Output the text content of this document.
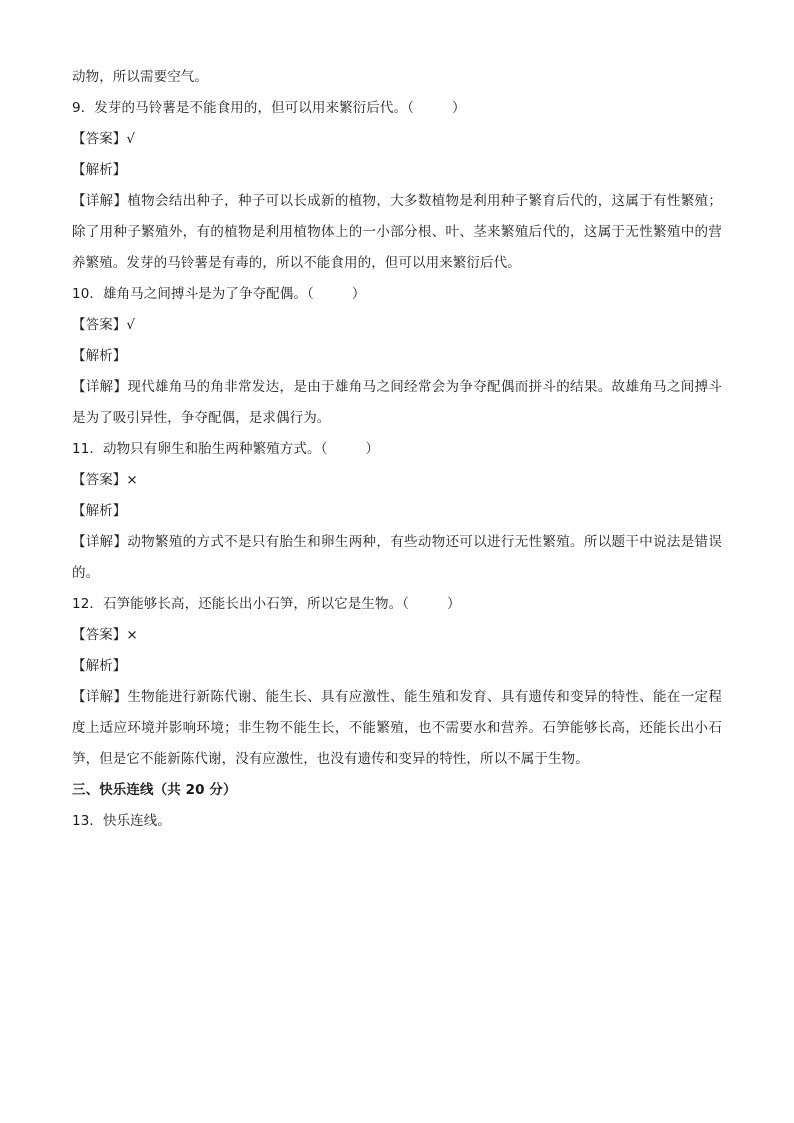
动物，所以需要空气。
9．发芽的马铃薯是不能食用的，但可以用来繁衍后代。（	）
【答案】√
【解析】
【详解】植物会结出种子，种子可以长成新的植物，大多数植物是利用种子繁育后代的，这属于有性繁殖；除了用种子繁殖外，有的植物是利用植物体上的一小部分根、叶、茎来繁殖后代的，这属于无性繁殖中的营养繁殖。发芽的马铃薯是有毒的，所以不能食用的，但可以用来繁衍后代。
10．雄角马之间搏斗是为了争夺配偶。（	）
【答案】√
【解析】
【详解】现代雄角马的角非常发达，是由于雄角马之间经常会为争夺配偶而拼斗的结果。故雄角马之间搏斗是为了吸引异性，争夺配偶，是求偶行为。
11．动物只有卵生和胎生两种繁殖方式。（	）
【答案】×
【解析】
【详解】动物繁殖的方式不是只有胎生和卵生两种，有些动物还可以进行无性繁殖。所以题干中说法是错误的。
12．石笋能够长高，还能长出小石笋，所以它是生物。（	）
【答案】×
【解析】
【详解】生物能进行新陈代谢、能生长、具有应激性、能生殖和发育、具有遗传和变异的特性、能在一定程度上适应环境并影响环境；非生物不能生长，不能繁殖，也不需要水和营养。石笋能够长高，还能长出小石笋，但是它不能新陈代谢，没有应激性，也没有遗传和变异的特性，所以不属于生物。
三、快乐连线（共 20 分）
13．快乐连线。
